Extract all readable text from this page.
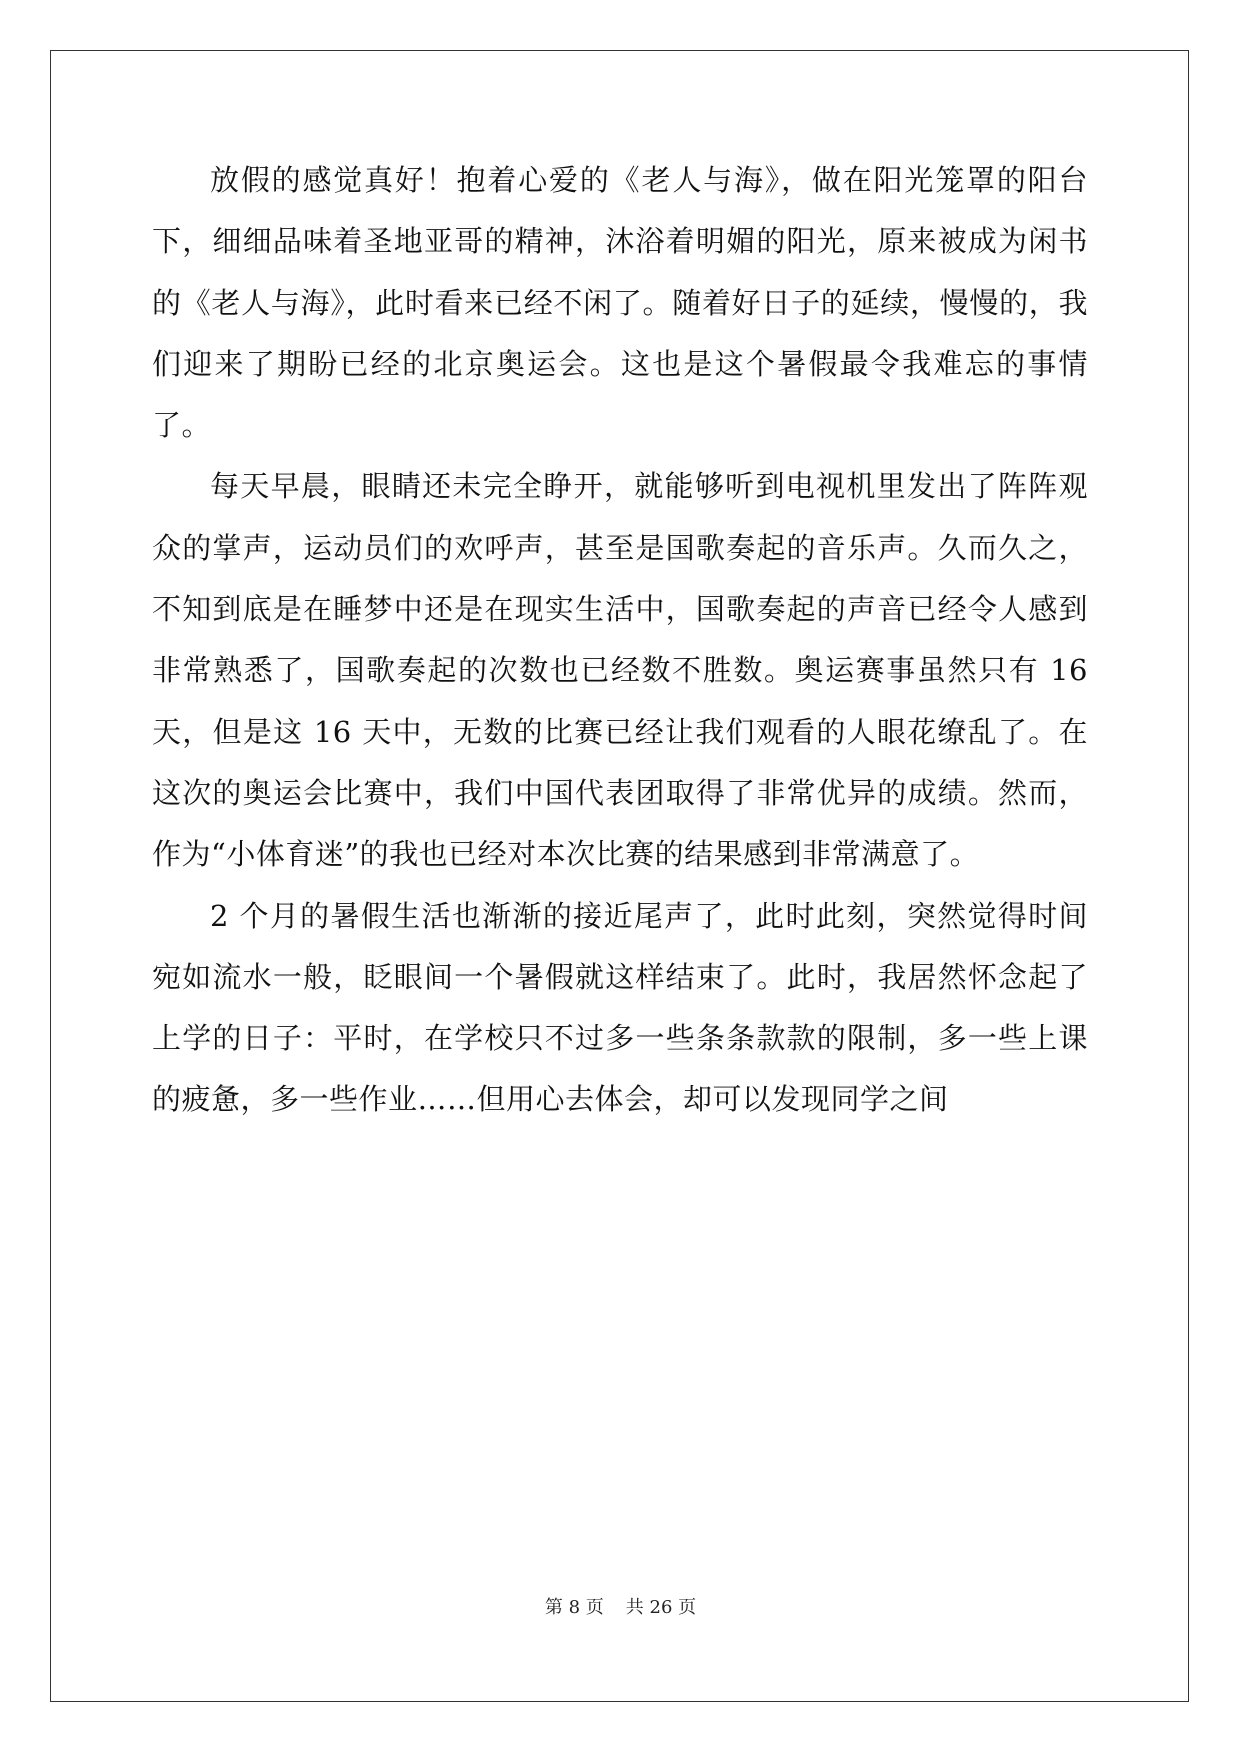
放假的感觉真好！抱着心爱的《老人与海》，做在阳光笼罩的阳台下，细细品味着圣地亚哥的精神，沐浴着明媚的阳光，原来被成为闲书的《老人与海》，此时看来已经不闲了。随着好日子的延续，慢慢的，我们迎来了期盼已经的北京奥运会。这也是这个暑假最令我难忘的事情了。

每天早晨，眼睛还未完全睁开，就能够听到电视机里发出了阵阵观众的掌声，运动员们的欢呼声，甚至是国歌奏起的音乐声。久而久之，不知到底是在睡梦中还是在现实生活中，国歌奏起的声音已经令人感到非常熟悉了，国歌奏起的次数也已经数不胜数。奥运赛事虽然只有 16 天，但是这 16 天中，无数的比赛已经让我们观看的人眼花缭乱了。在这次的奥运会比赛中，我们中国代表团取得了非常优异的成绩。然而，作为“小体育迷”的我也已经对本次比赛的结果感到非常满意了。

2 个月的暑假生活也渐渐的接近尾声了，此时此刻，突然觉得时间宛如流水一般，眨眼间一个暑假就这样结束了。此时，我居然怀念起了上学的日子：平时，在学校只不过多一些条条款款的限制，多一些上课的疲惫，多一些作业……但用心去体会，却可以发现同学之间

第 8 页 共 26 页
